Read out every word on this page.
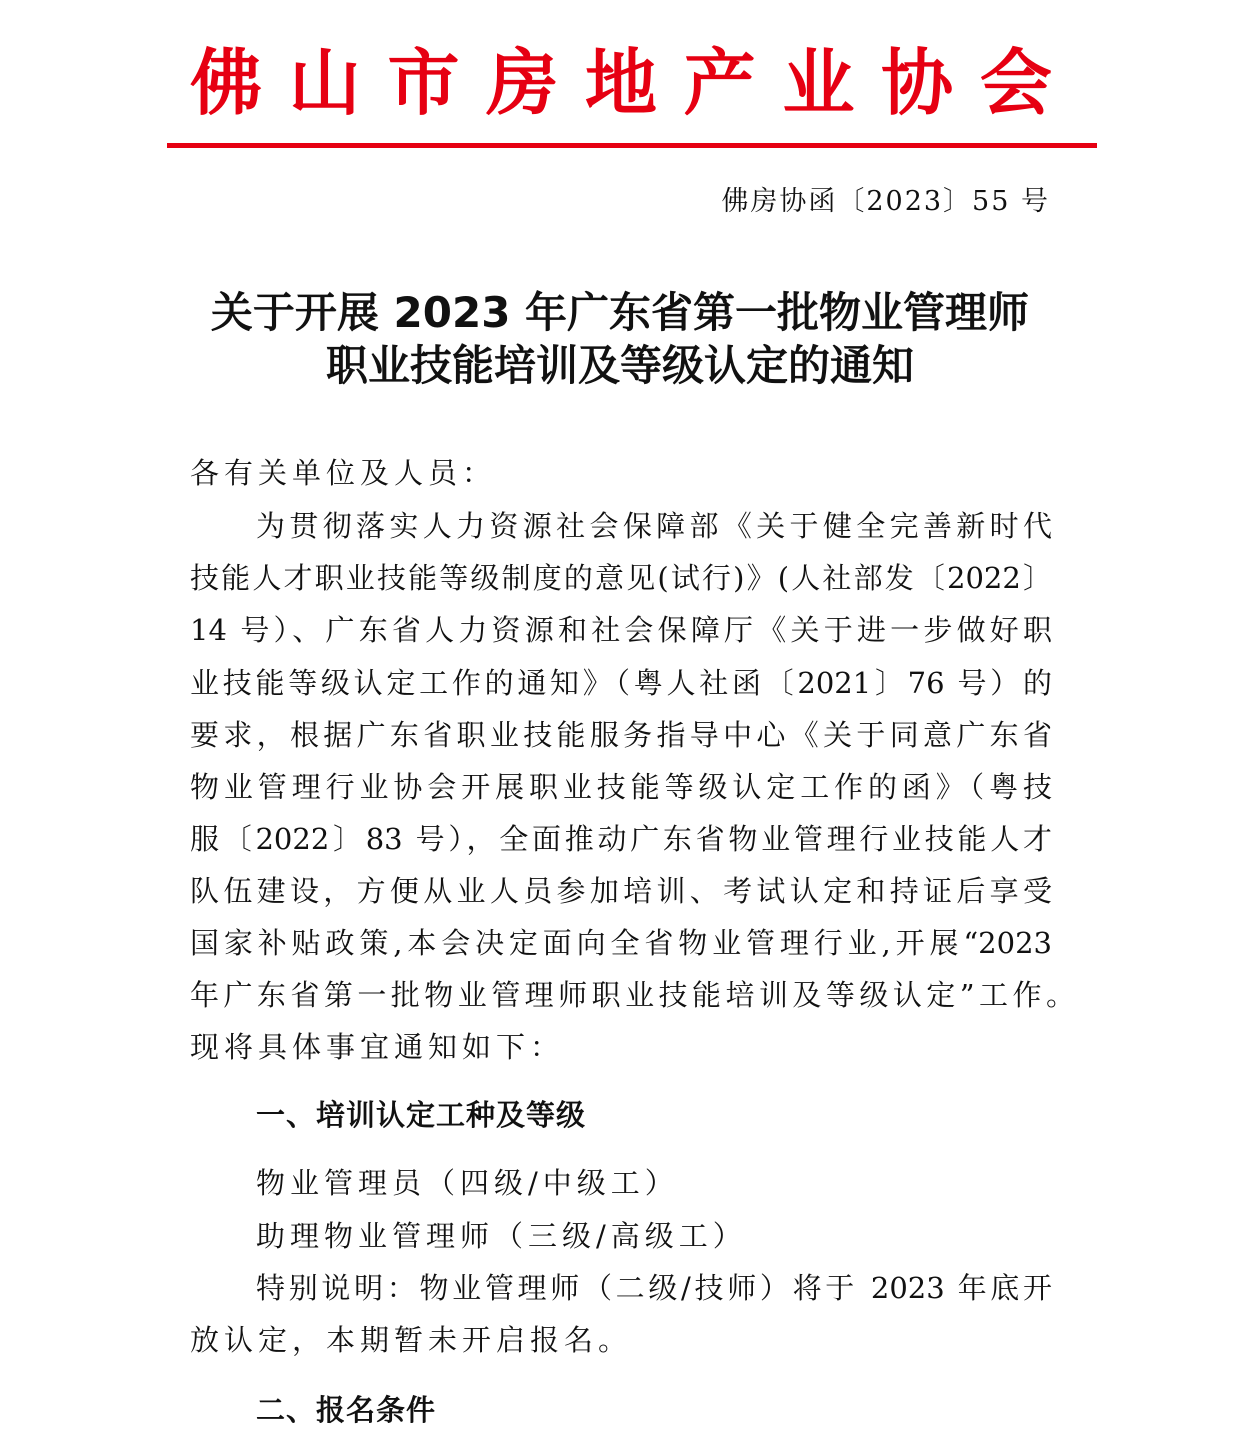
佛 山 市 房 地 产 业 协 会
佛房协函〔2023〕55 号
关于开展 2023 年广东省第一批物业管理师
职业技能培训及等级认定的通知
各有关单位及人员：
为贯彻落实人力资源社会保障部《关于健全完善新时代
技能人才职业技能等级制度的意见(试行)》(人社部发〔2022〕
14 号）、广东省人力资源和社会保障厅《关于进一步做好职
业技能等级认定工作的通知》（粤人社函〔2021〕76 号）的
要求，根据广东省职业技能服务指导中心《关于同意广东省
物业管理行业协会开展职业技能等级认定工作的函》（粤技
服〔2022〕83 号），全面推动广东省物业管理行业技能人才
队伍建设，方便从业人员参加培训、考试认定和持证后享受
国家补贴政策,本会决定面向全省物业管理行业,开展“2023
年广东省第一批物业管理师职业技能培训及等级认定”工作。
现将具体事宜通知如下：
一、培训认定工种及等级
物业管理员（四级/中级工）
助理物业管理师（三级/高级工）
特别说明：物业管理师（二级/技师）将于 2023 年底开
放认定，本期暂未开启报名。
二、报名条件
